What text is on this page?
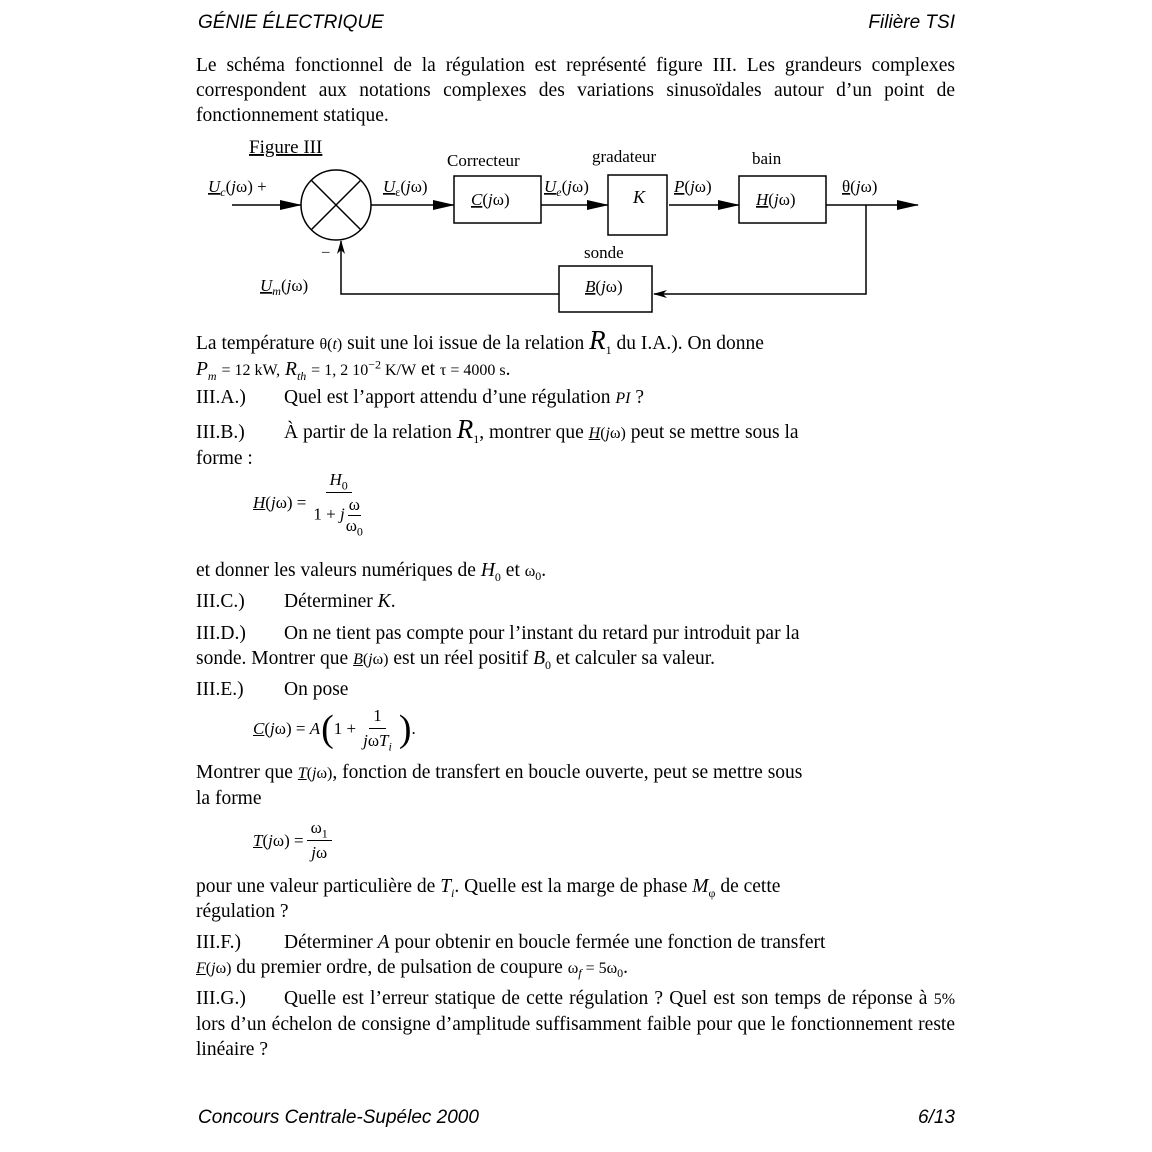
GÉNIE ÉLECTRIQUE	Filière TSI
Le schéma fonctionnel de la régulation est représenté figure III. Les grandeurs complexes correspondent aux notations complexes des variations sinusoïdales autour d’un point de fonctionnement statique.
Figure III
$U_c(j\omega)$ +
–
$U_\varepsilon(j\omega)$
Correcteur
C(jω)
$U_e(j\omega)$
gradateur
K
P(jω)
bain
H(jω)
θ(jω)
sonde
B(jω)
$U_m(j\omega)$
La température θ(t) suit une loi issue de la relation $R_1$ du I.A.). On donne
$P_m = 12$ kW, $R_{th} = 1$, 2 $10^{-2}$ K/W et τ = 4000 s.
III.A.) Quel est l’apport attendu d’une régulation PI ?
III.B.) À partir de la relation $R_1$, montrer que H(jω) peut se mettre sous la
forme :
$H(j\omega) = \frac{H_0}{1 + j \frac{\omega}{\omega_0}}$
et donner les valeurs numériques de $H_0$ et $\omega_0$.
III.C.) Déterminer K.
III.D.) On ne tient pas compte pour l’instant du retard pur introduit par la
sonde. Montrer que B(jω) est un réel positif $B_0$ et calculer sa valeur.
III.E.) On pose
C(jω) = A ( $1 + \frac{1}{j\omega T_i}$ ) .
Montrer que T(jω), fonction de transfert en boucle ouverte, peut se mettre sous
la forme
$T(j\omega) = \frac{\omega_1}{j\omega}$
pour une valeur particulière de $T_i$. Quelle est la marge de phase $M_\varphi$ de cette
régulation ?
III.F.) Déterminer A pour obtenir en boucle fermée une fonction de transfert
F(jω) du premier ordre, de pulsation de coupure $\omega_f = 5\omega_0$.
III.G.) Quelle est l’erreur statique de cette régulation ? Quel est son temps de réponse à 5% lors d’un échelon de consigne d’amplitude suffisamment faible pour que le fonctionnement reste linéaire ?
Concours Centrale-Supélec 2000	6/13
